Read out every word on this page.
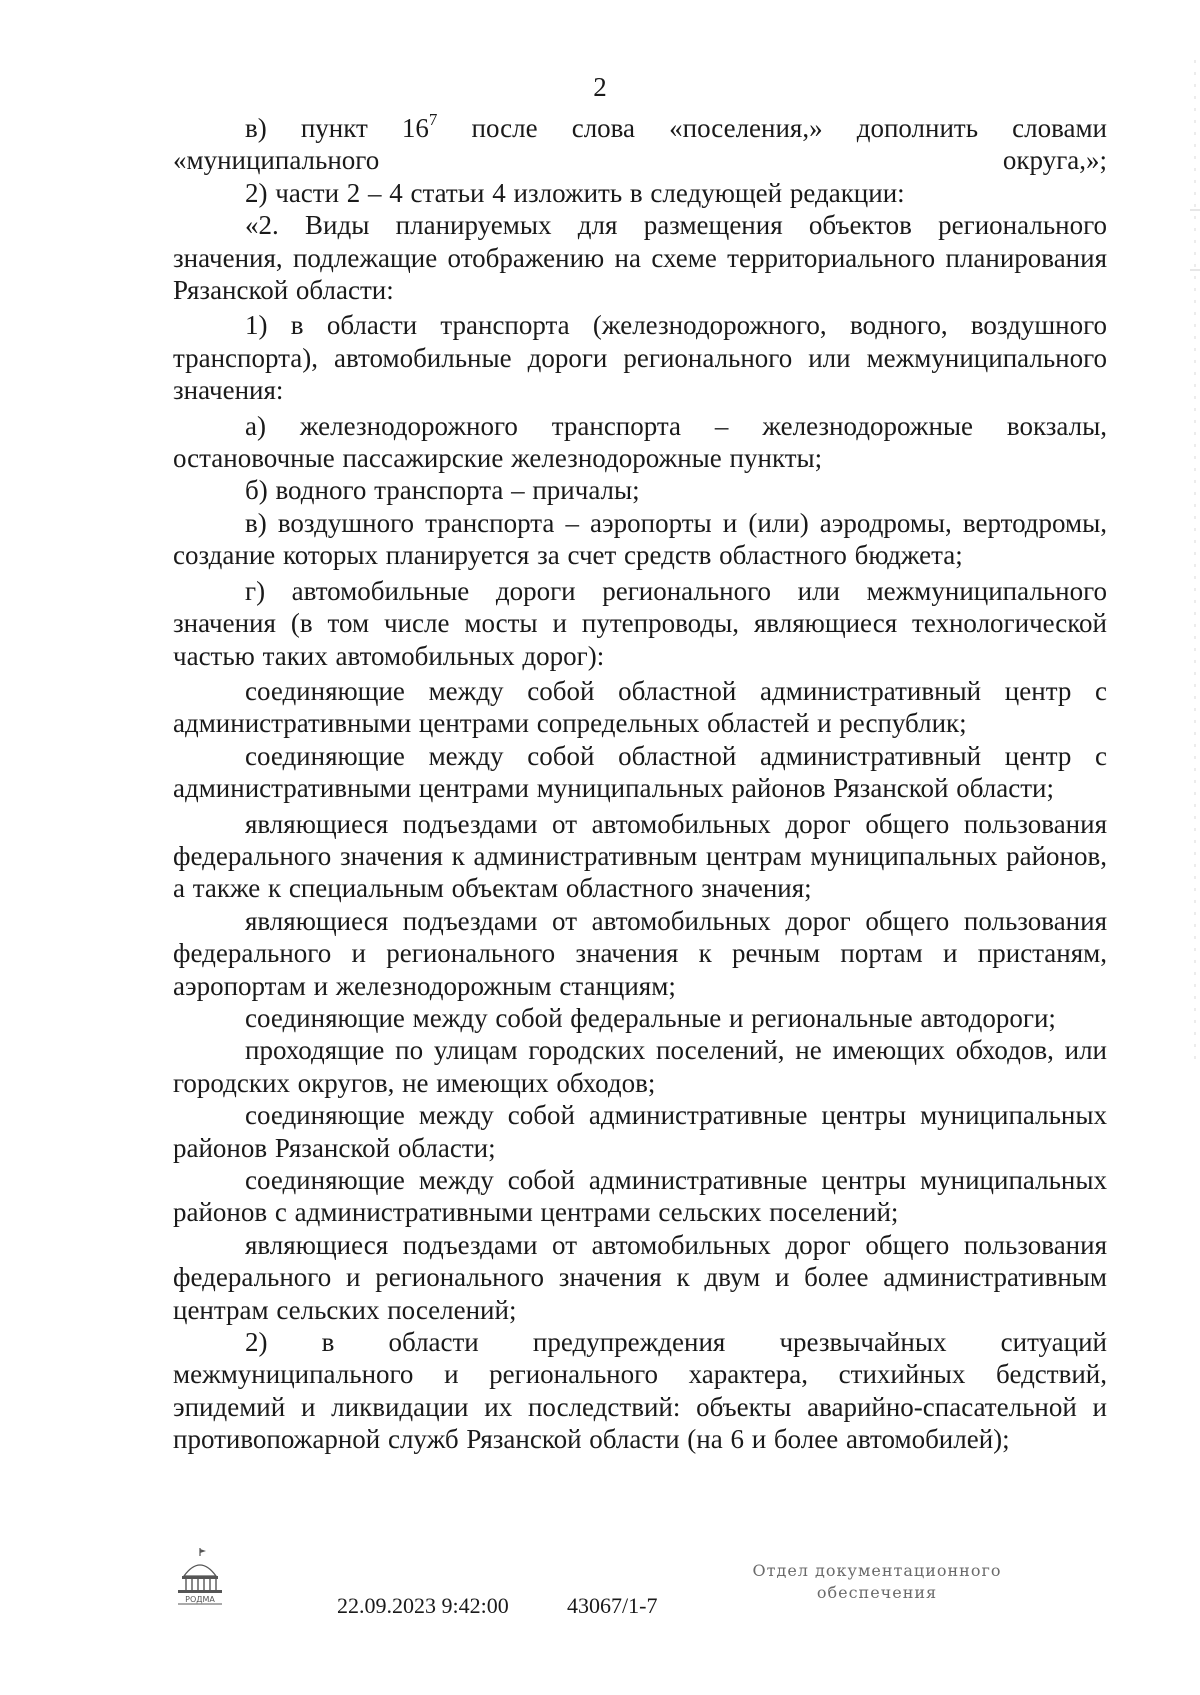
2

в) пункт $16^7$ после слова «поселения,» дополнить словами «муниципального округа,»;

2) части 2 – 4 статьи 4 изложить в следующей редакции:

«2. Виды планируемых для размещения объектов регионального значения, подлежащие отображению на схеме территориального планирования Рязанской области:

1) в области транспорта (железнодорожного, водного, воздушного транспорта), автомобильные дороги регионального или межмуниципального значения:

а) железнодорожного транспорта – железнодорожные вокзалы, остановочные пассажирские железнодорожные пункты;

б) водного транспорта – причалы;

в) воздушного транспорта – аэропорты и (или) аэродромы, вертодромы, создание которых планируется за счет средств областного бюджета;

г) автомобильные дороги регионального или межмуниципального значения (в том числе мосты и путепроводы, являющиеся технологической частью таких автомобильных дорог):

соединяющие между собой областной административный центр с административными центрами сопредельных областей и республик;

соединяющие между собой областной административный центр с административными центрами муниципальных районов Рязанской области;

являющиеся подъездами от автомобильных дорог общего пользования федерального значения к административным центрам муниципальных районов, а также к специальным объектам областного значения;

являющиеся подъездами от автомобильных дорог общего пользования федерального и регионального значения к речным портам и пристаням, аэропортам и железнодорожным станциям;

соединяющие между собой федеральные и региональные автодороги;

проходящие по улицам городских поселений, не имеющих обходов, или городских округов, не имеющих обходов;

соединяющие между собой административные центры муниципальных районов Рязанской области;

соединяющие между собой административные центры муниципальных районов с административными центрами сельских поселений;

являющиеся подъездами от автомобильных дорог общего пользования федерального и регионального значения к двум и более административным центрам сельских поселений;

2) в области предупреждения чрезвычайных ситуаций межмуниципального и регионального характера, стихийных бедствий, эпидемий и ликвидации их последствий: объекты аварийно-спасательной и противопожарной служб Рязанской области (на 6 и более автомобилей);

РОДМА	22.09.2023 9:42:00	43067/1-7
Отдел документационного
обеспечения
